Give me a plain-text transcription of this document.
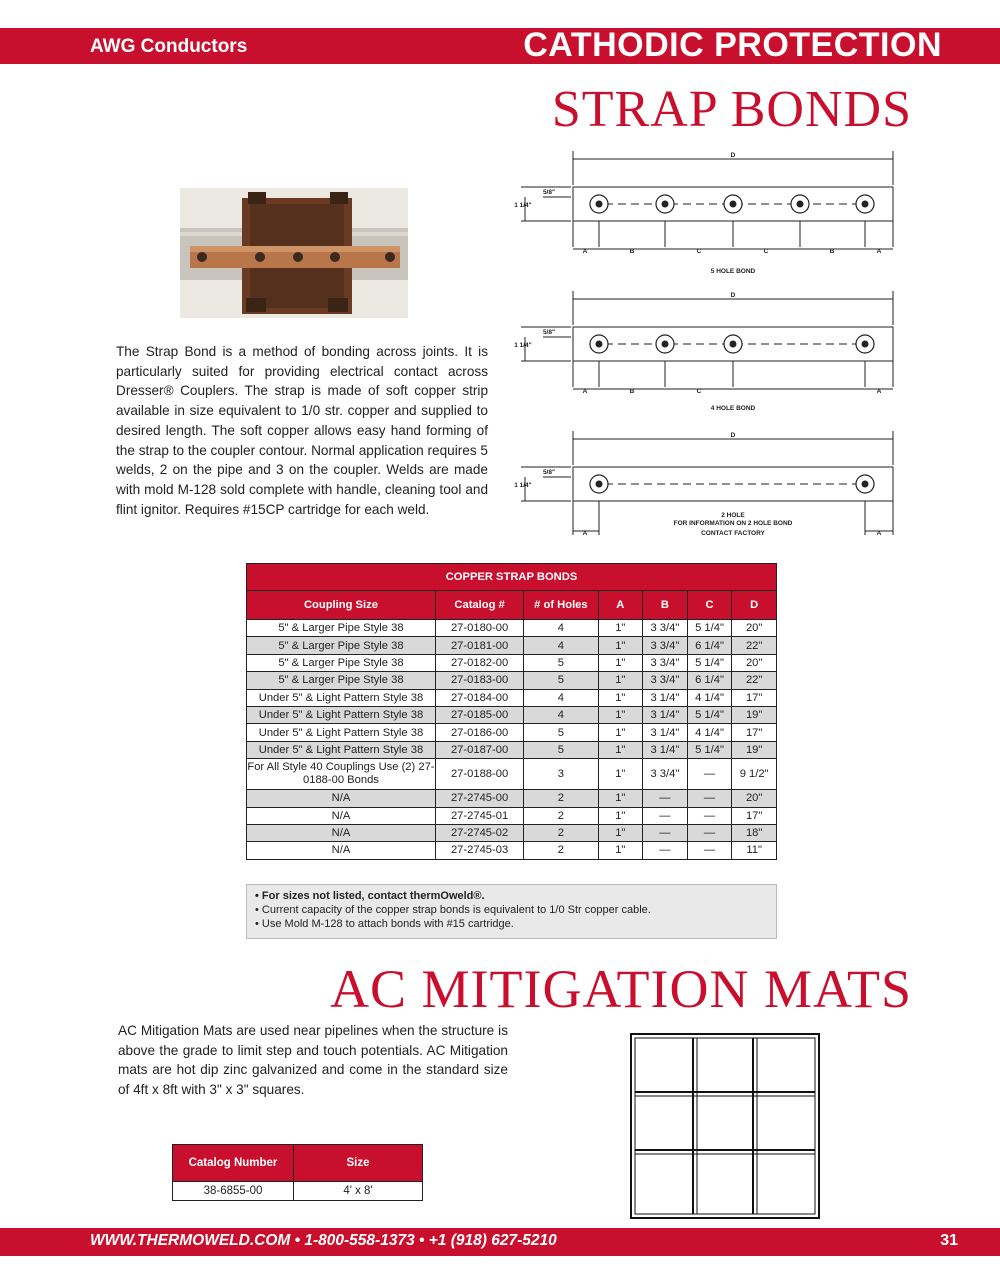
AWG Conductors	CATHODIC PROTECTION
STRAP BONDS
The Strap Bond is a method of bonding across joints. It is particularly suited for providing electrical contact across Dresser® Couplers. The strap is made of soft copper strip available in size equivalent to 1/0 str. copper and supplied to desired length. The soft copper allows easy hand forming of the strap to the coupler contour. Normal application requires 5 welds, 2 on the pipe and 3 on the coupler. Welds are made with mold M-128 sold complete with handle, cleaning tool and flint ignitor. Requires #15CP cartridge for each weld.
D
D
D
A	B	C	C	B	A
A	B	C	A
A	A
5/8"
1 1/4"
5/8"
1 1/4"
5/8"
1 1/4"
5 HOLE BOND
4 HOLE BOND
2 HOLE
FOR INFORMATION ON 2 HOLE BOND
CONTACT FACTORY
COPPER STRAP BONDS						
Coupling Size	Catalog #	# of Holes	A	B	C	D
5" & Larger Pipe Style 38	27-0180-00	4	1"	3 3/4"	5 1/4"	20"
5" & Larger Pipe Style 38	27-0181-00	4	1"	3 3/4"	6 1/4"	22"
5" & Larger Pipe Style 38	27-0182-00	5	1"	3 3/4"	5 1/4"	20"
5" & Larger Pipe Style 38	27-0183-00	5	1"	3 3/4"	6 1/4"	22"
Under 5" & Light Pattern Style 38	27-0184-00	4	1"	3 1/4"	4 1/4"	17"
Under 5" & Light Pattern Style 38	27-0185-00	4	1"	3 1/4"	5 1/4"	19"
Under 5" & Light Pattern Style 38	27-0186-00	5	1"	3 1/4"	4 1/4"	17"
Under 5" & Light Pattern Style 38	27-0187-00	5	1"	3 1/4"	5 1/4"	19"
For All Style 40 Couplings Use (2) 27-0188-00 Bonds	27-0188-00	3	1"	3 3/4"	—	9 1/2"
N/A	27-2745-00	2	1"	—	—	20"
N/A	27-2745-01	2	1"	—	—	17"
N/A	27-2745-02	2	1"	—	—	18"
N/A	27-2745-03	2	1"	—	—	11"
• For sizes not listed, contact thermOweld®.
• Current capacity of the copper strap bonds is equivalent to 1/0 Str copper cable.
• Use Mold M-128 to attach bonds with #15 cartridge.
AC MITIGATION MATS
AC Mitigation Mats are used near pipelines when the structure is above the grade to limit step and touch potentials. AC Mitigation mats are hot dip zinc galvanized and come in the standard size of 4ft x 8ft with 3" x 3" squares.
Catalog Number	Size
38-6855-00	4' x 8'
WWW.THERMOWELD.COM • 1-800-558-1373 • +1 (918) 627-5210	31
